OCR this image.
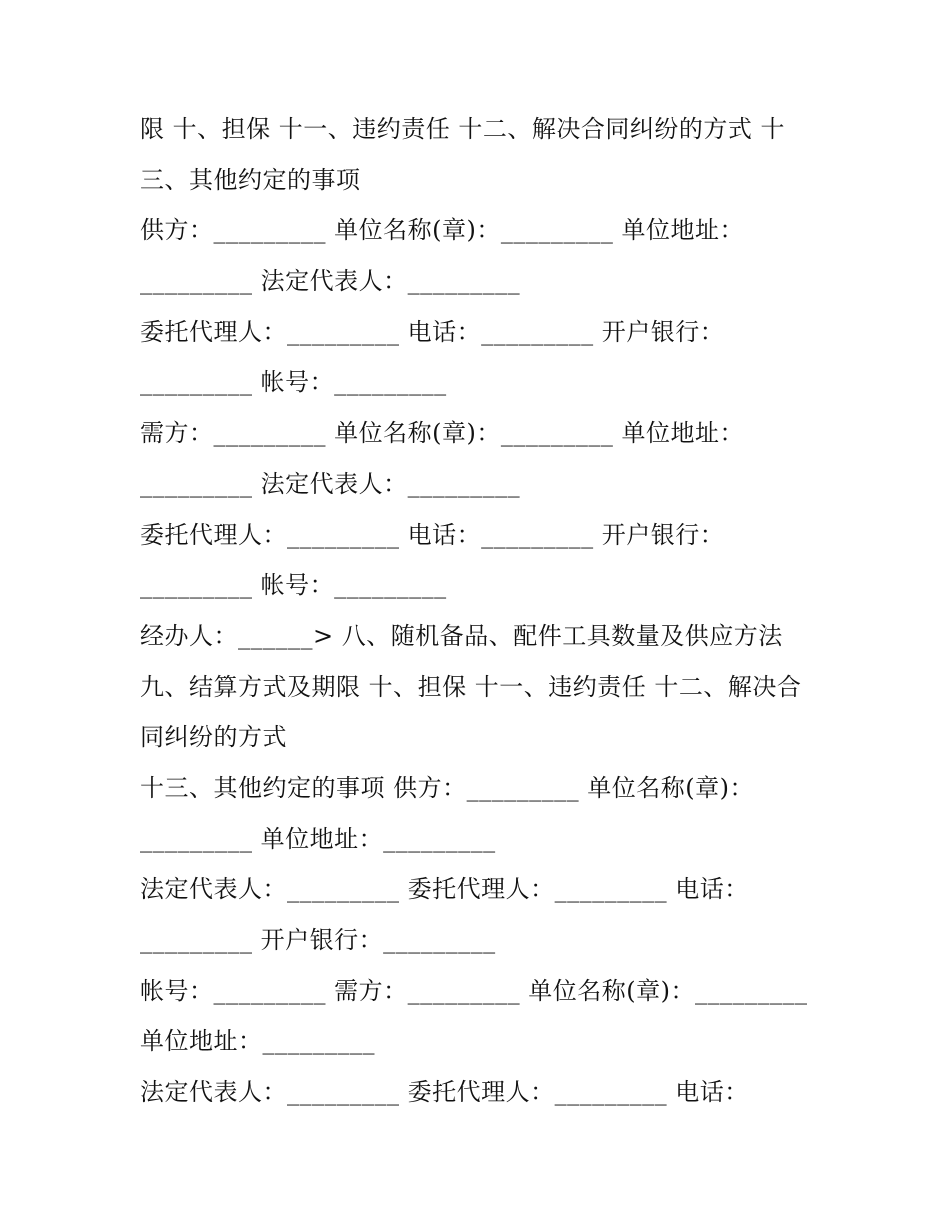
限 十、担保 十一、违约责任 十二、解决合同纠纷的方式 十
三、其他约定的事项
供方：_________ 单位名称(章)：_________ 单位地址：
_________ 法定代表人：_________
委托代理人：_________ 电话：_________ 开户银行：
_________ 帐号：_________
需方：_________ 单位名称(章)：_________ 单位地址：
_________ 法定代表人：_________
委托代理人：_________ 电话：_________ 开户银行：
_________ 帐号：_________
经办人：______> 八、随机备品、配件工具数量及供应方法
九、结算方式及期限 十、担保 十一、违约责任 十二、解决合
同纠纷的方式
十三、其他约定的事项 供方：_________ 单位名称(章)：
_________ 单位地址：_________
法定代表人：_________ 委托代理人：_________ 电话：
_________ 开户银行：_________
帐号：_________ 需方：_________ 单位名称(章)：_________
单位地址：_________
法定代表人：_________ 委托代理人：_________ 电话：
